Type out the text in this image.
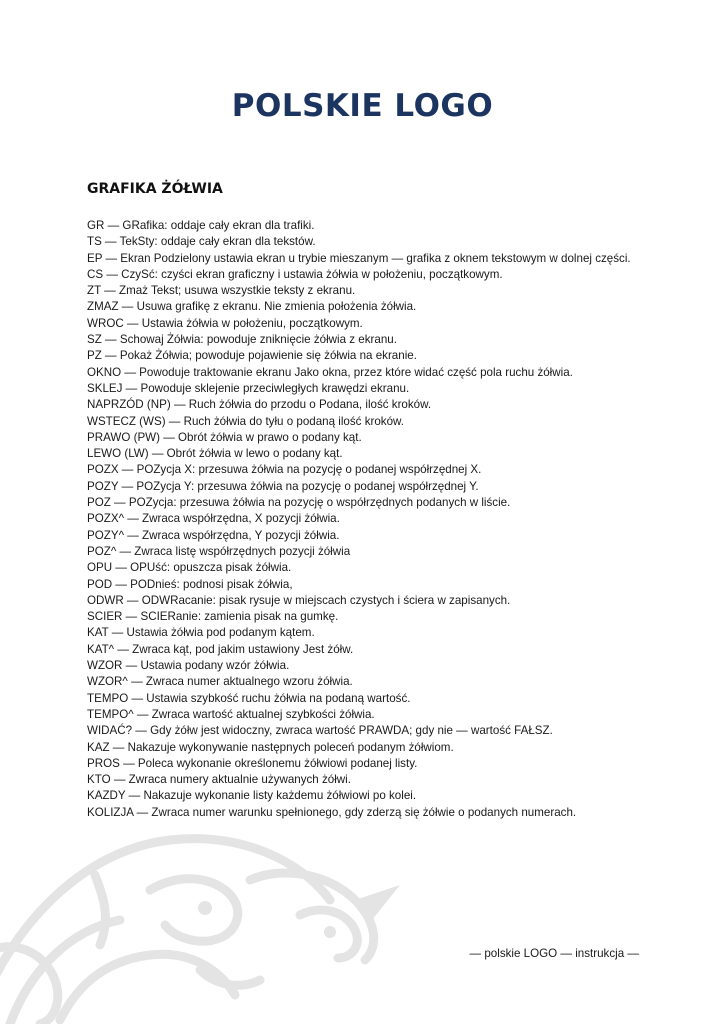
POLSKIE LOGO
GRAFIKA ŻÓŁWIA
GR — GRafika: oddaje cały ekran dla trafiki.
TS — TekSty: oddaje cały ekran dla tekstów.
EP — Ekran Podzielony ustawia ekran u trybie mieszanym — grafika z oknem tekstowym w dolnej części.
CS — CzySć: czyści ekran graficzny i ustawia żółwia w położeniu, początkowym.
ZT — Zmaż Tekst; usuwa wszystkie teksty z ekranu.
ZMAZ — Usuwa grafikę z ekranu. Nie zmienia położenia żółwia.
WROC — Ustawia żółwia w położeniu, początkowym.
SZ — Schowaj Żółwia: powoduje zniknięcie żółwia z ekranu.
PZ — Pokaż Żółwia; powoduje pojawienie się żółwia na ekranie.
OKNO — Powoduje traktowanie ekranu Jako okna, przez które widać część pola ruchu żółwia.
SKLEJ — Powoduje sklejenie przeciwległych krawędzi ekranu.
NAPRZÓD (NP) — Ruch żółwia do przodu o Podana, ilość kroków.
WSTECZ (WS) — Ruch żółwia do tyłu o podaną ilość kroków.
PRAWO (PW) — Obrót żółwia w prawo o podany kąt.
LEWO (LW) — Obrót żółwia w lewo o podany kąt.
POZX — POZycja X: przesuwa żółwia na pozycję o podanej współrzędnej X.
POZY — POZycja Y: przesuwa żółwia na pozycję o podanej współrzędnej Y.
POZ — POZycja: przesuwa żółwia na pozycję o współrzędnych podanych w liście.
POZX^ — Zwraca współrzędna, X pozycji żółwia.
POZY^ — Zwraca współrzędna, Y pozycji żółwia.
POZ^ — Zwraca listę współrzędnych pozycji żółwia
OPU — OPUść: opuszcza pisak żółwia.
POD — PODnieś: podnosi pisak żółwia,
ODWR — ODWRacanie: pisak rysuje w miejscach czystych i ściera w zapisanych.
SCIER — SCIERanie: zamienia pisak na gumkę.
KAT — Ustawia żółwia pod podanym kątem.
KAT^ — Zwraca kąt, pod jakim ustawiony Jest żółw.
WZOR — Ustawia podany wzór żółwia.
WZOR^ — Zwraca numer aktualnego wzoru żółwia.
TEMPO — Ustawia szybkość ruchu żółwia na podaną wartość.
TEMPO^ — Zwraca wartość aktualnej szybkości żółwia.
WIDAĆ? — Gdy żółw jest widoczny, zwraca wartość PRAWDA; gdy nie — wartość FAŁSZ.
KAZ — Nakazuje wykonywanie następnych poleceń podanym żółwiom.
PROS — Poleca wykonanie określonemu żółwiowi podanej listy.
KTO — Zwraca numery aktualnie używanych żółwi.
KAZDY — Nakazuje wykonanie listy każdemu żółwiowi po kolei.
KOLIZJA — Zwraca numer warunku spełnionego, gdy zderzą się żółwie o podanych numerach.
— polskie LOGO — instrukcja —
